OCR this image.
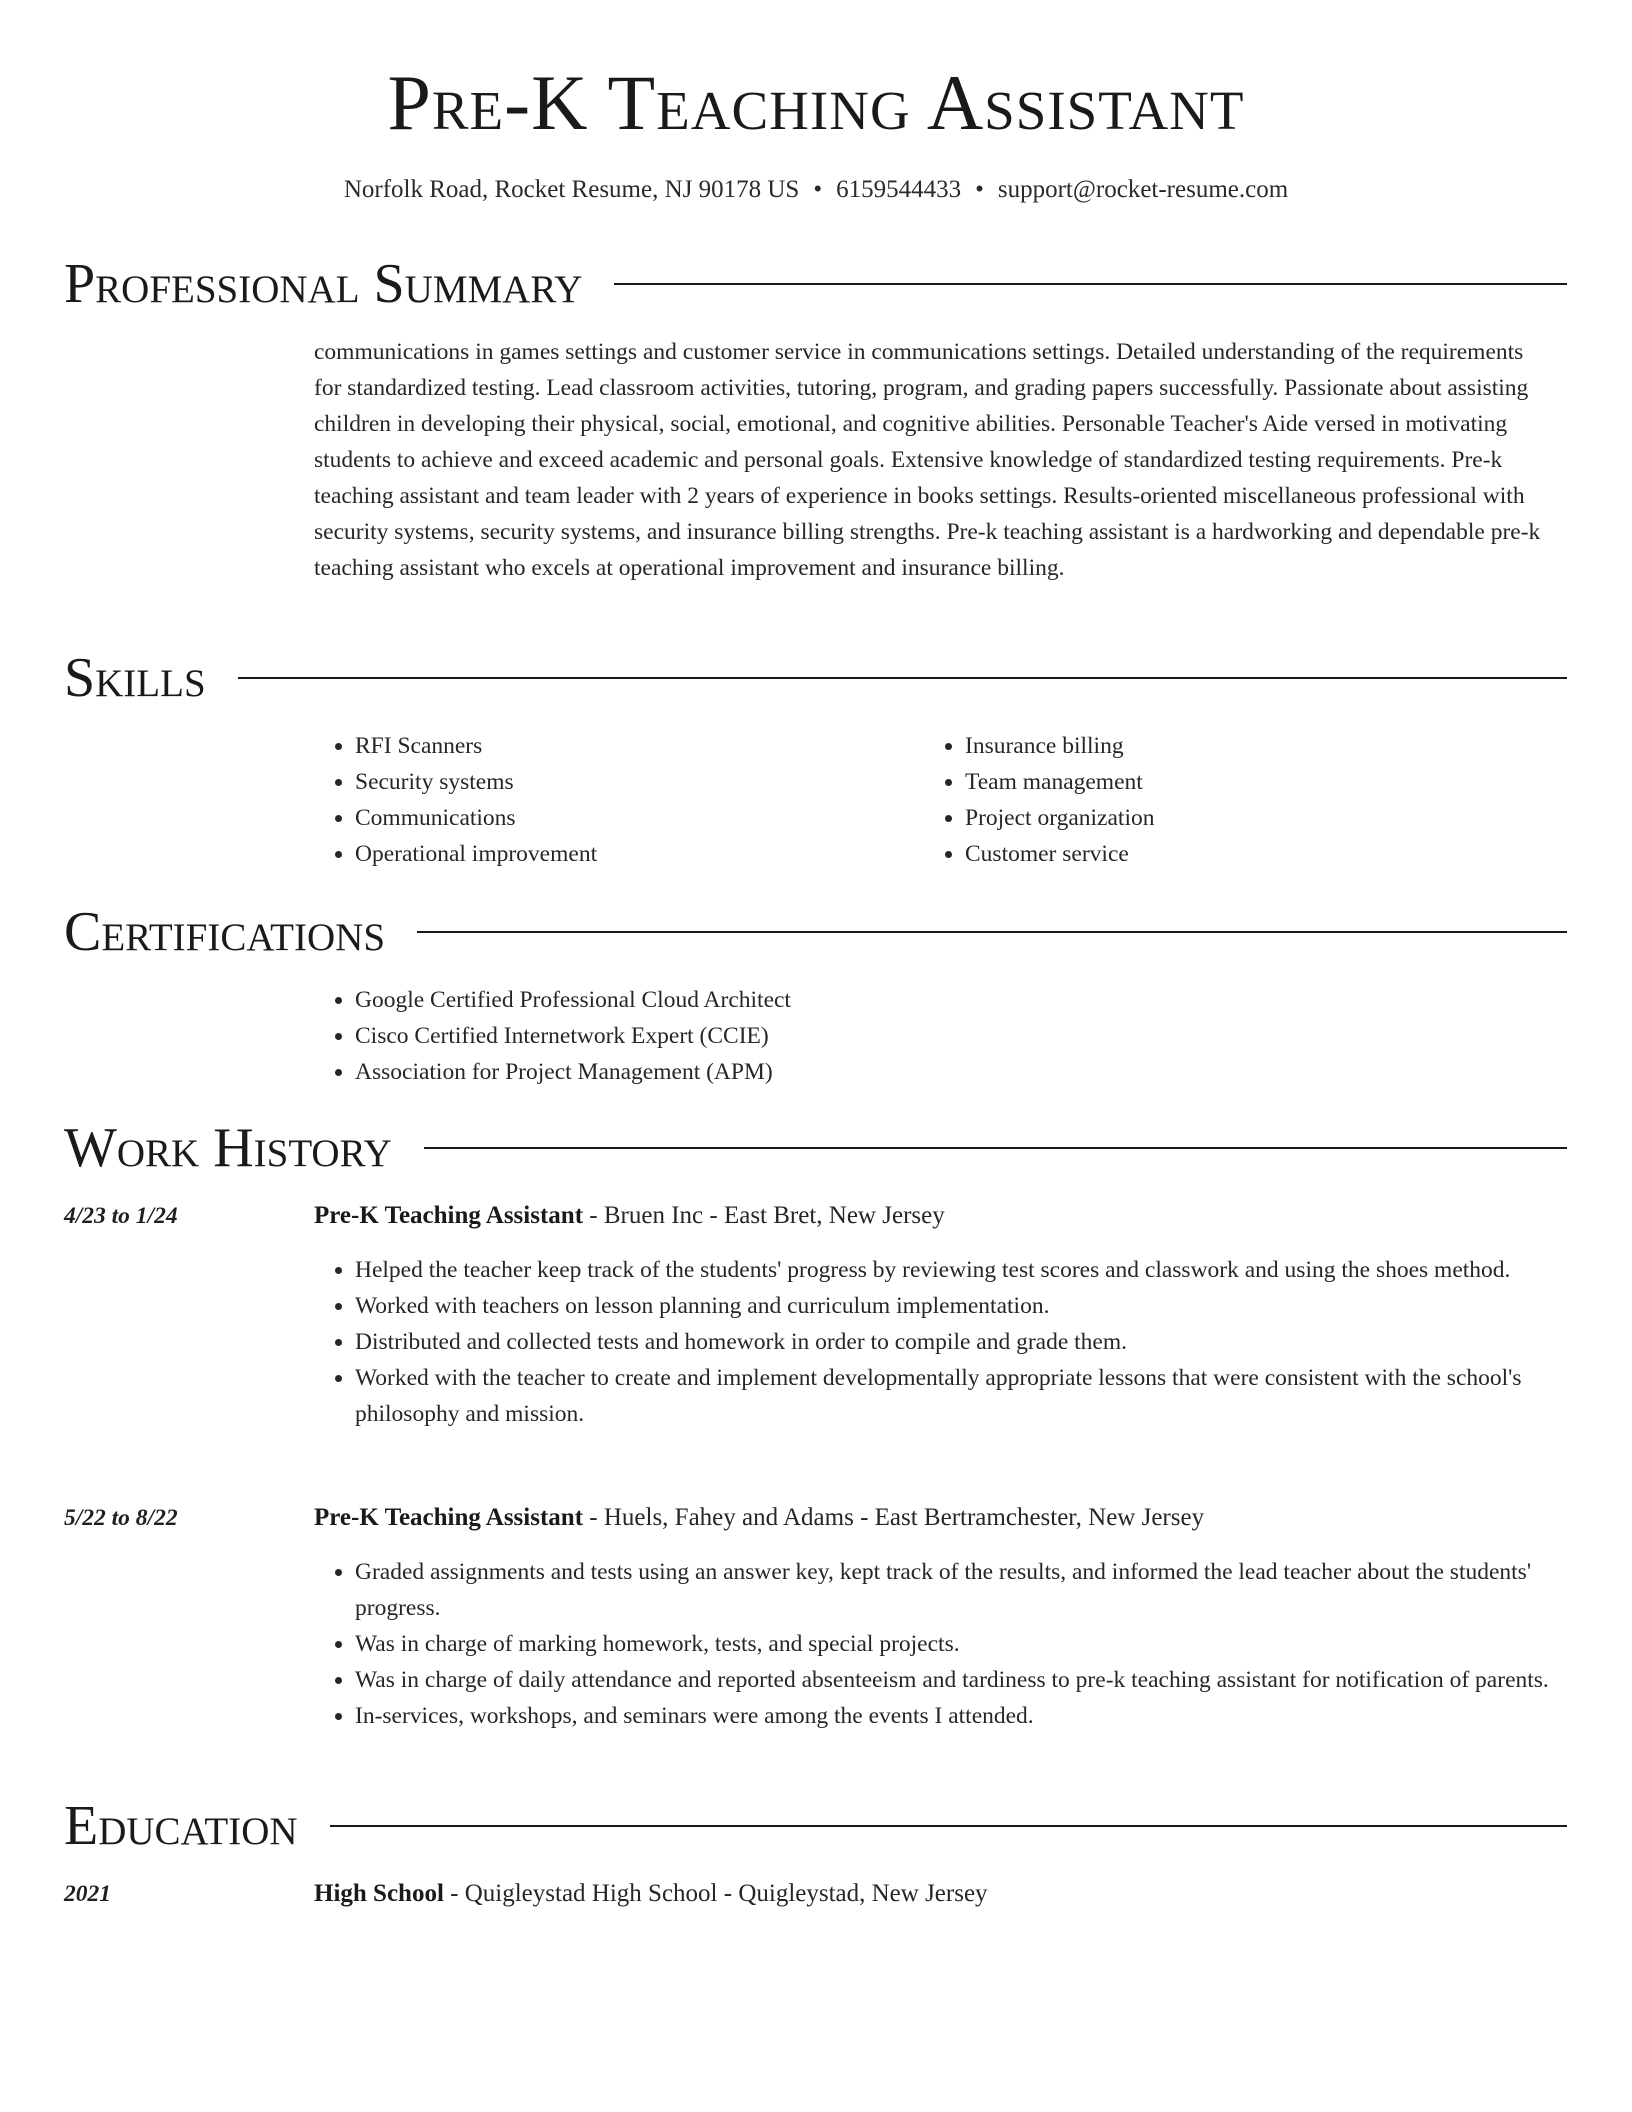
Pre-K Teaching Assistant
Norfolk Road, Rocket Resume, NJ 90178 US • 6159544433 • support@rocket-resume.com
Professional Summary

communications in games settings and customer service in communications settings. Detailed understanding of the requirements for standardized testing. Lead classroom activities, tutoring, program, and grading papers successfully. Passionate about assisting children in developing their physical, social, emotional, and cognitive abilities. Personable Teacher's Aide versed in motivating students to achieve and exceed academic and personal goals. Extensive knowledge of standardized testing requirements. Pre-k teaching assistant and team leader with 2 years of experience in books settings. Results-oriented miscellaneous professional with security systems, security systems, and insurance billing strengths. Pre-k teaching assistant is a hardworking and dependable pre-k teaching assistant who excels at operational improvement and insurance billing.

Skills
• RFI Scanners
• Security systems
• Communications
• Operational improvement
• Insurance billing
• Team management
• Project organization
• Customer service
Certifications
• Google Certified Professional Cloud Architect
• Cisco Certified Internetwork Expert (CCIE)
• Association for Project Management (APM)
Work History
4/23 to 1/24	Pre-K Teaching Assistant - Bruen Inc - East Bret, New Jersey
• Helped the teacher keep track of the students' progress by reviewing test scores and classwork and using the shoes method.
• Worked with teachers on lesson planning and curriculum implementation.
• Distributed and collected tests and homework in order to compile and grade them.
• Worked with the teacher to create and implement developmentally appropriate lessons that were consistent with the school's philosophy and mission.
5/22 to 8/22	Pre-K Teaching Assistant - Huels, Fahey and Adams - East Bertramchester, New Jersey
• Graded assignments and tests using an answer key, kept track of the results, and informed the lead teacher about the students' progress.
• Was in charge of marking homework, tests, and special projects.
• Was in charge of daily attendance and reported absenteeism and tardiness to pre-k teaching assistant for notification of parents.
• In-services, workshops, and seminars were among the events I attended.
Education
2021	High School - Quigleystad High School - Quigleystad, New Jersey
